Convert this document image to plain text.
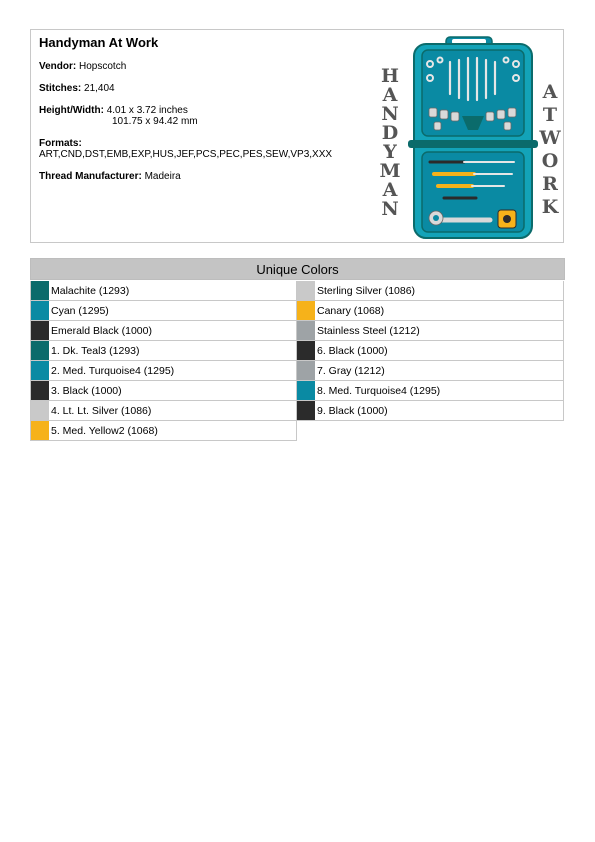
Handyman At Work
Vendor: Hopscotch
Stitches: 21,404
Height/Width: 4.01 x 3.72 inches
101.75 x 94.42 mm
Formats:
ART,CND,DST,EMB,EXP,HUS,JEF,PCS,PEC,PES,SEW,VP3,XXX
Thread Manufacturer: Madeira
H
A
N
D
Y
M
A
N
A
T
W
O
R
K
Unique Colors
Malachite (1293)
Cyan (1295)
Emerald Black (1000)
1. Dk. Teal3 (1293)
2. Med. Turquoise4 (1295)
3. Black (1000)
4. Lt. Lt. Silver (1086)
5. Med. Yellow2 (1068)
Sterling Silver (1086)
Canary (1068)
Stainless Steel (1212)
6. Black (1000)
7. Gray (1212)
8. Med. Turquoise4 (1295)
9. Black (1000)
